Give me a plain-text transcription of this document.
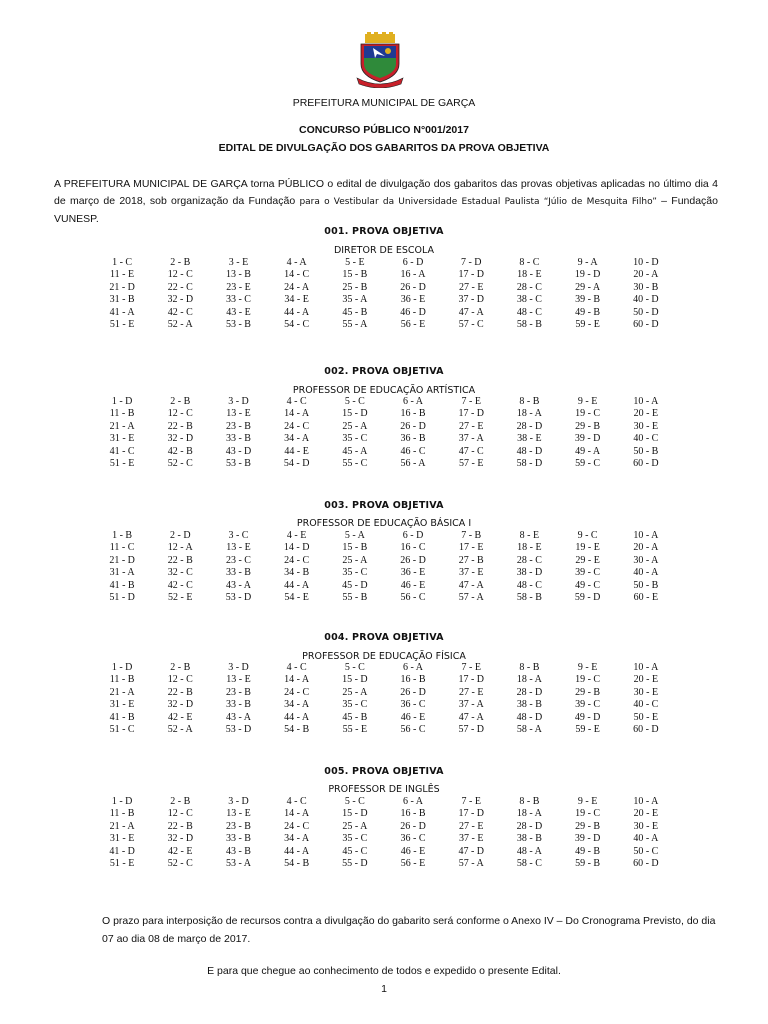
PREFEITURA MUNICIPAL DE GARÇA
CONCURSO PÚBLICO N°001/2017
EDITAL DE DIVULGAÇÃO DOS GABARITOS DA PROVA OBJETIVA
A PREFEITURA MUNICIPAL DE GARÇA torna PÚBLICO o edital de divulgação dos gabaritos das provas objetivas aplicadas no último dia 4 de março de 2018, sob organização da Fundação para o Vestibular da Universidade Estadual Paulista “Júlio de Mesquita Filho” – Fundação VUNESP.
001. PROVA OBJETIVA
DIRETOR DE ESCOLA
1 - C	2 - B	3 - E	4 - A	5 - E	6 - D	7 - D	8 - C	9 - A	10 - D
11 - E	12 - C	13 - B	14 - C	15 - B	16 - A	17 - D	18 - E	19 - D	20 - A
21 - D	22 - C	23 - E	24 - A	25 - B	26 - D	27 - E	28 - C	29 - A	30 - B
31 - B	32 - D	33 - C	34 - E	35 - A	36 - E	37 - D	38 - C	39 - B	40 - D
41 - A	42 - C	43 - E	44 - A	45 - B	46 - D	47 - A	48 - C	49 - B	50 - D
51 - E	52 - A	53 - B	54 - C	55 - A	56 - E	57 - C	58 - B	59 - E	60 - D
002. PROVA OBJETIVA
PROFESSOR DE EDUCAÇÃO ARTÍSTICA
1 - D	2 - B	3 - D	4 - C	5 - C	6 - A	7 - E	8 - B	9 - E	10 - A
11 - B	12 - C	13 - E	14 - A	15 - D	16 - B	17 - D	18 - A	19 - C	20 - E
21 - A	22 - B	23 - B	24 - C	25 - A	26 - D	27 - E	28 - D	29 - B	30 - E
31 - E	32 - D	33 - B	34 - A	35 - C	36 - B	37 - A	38 - E	39 - D	40 - C
41 - C	42 - B	43 - D	44 - E	45 - A	46 - C	47 - C	48 - D	49 - A	50 - B
51 - E	52 - C	53 - B	54 - D	55 - C	56 - A	57 - E	58 - D	59 - C	60 - D
003. PROVA OBJETIVA
PROFESSOR DE EDUCAÇÃO BÁSICA I
1 - B	2 - D	3 - C	4 - E	5 - A	6 - D	7 - B	8 - E	9 - C	10 - A
11 - C	12 - A	13 - E	14 - D	15 - B	16 - C	17 - E	18 - E	19 - E	20 - A
21 - D	22 - B	23 - C	24 - C	25 - A	26 - D	27 - B	28 - C	29 - E	30 - A
31 - A	32 - C	33 - B	34 - B	35 - C	36 - E	37 - E	38 - D	39 - C	40 - A
41 - B	42 - C	43 - A	44 - A	45 - D	46 - E	47 - A	48 - C	49 - C	50 - B
51 - D	52 - E	53 - D	54 - E	55 - B	56 - C	57 - A	58 - B	59 - D	60 - E
004. PROVA OBJETIVA
PROFESSOR DE EDUCAÇÃO FÍSICA
1 - D	2 - B	3 - D	4 - C	5 - C	6 - A	7 - E	8 - B	9 - E	10 - A
11 - B	12 - C	13 - E	14 - A	15 - D	16 - B	17 - D	18 - A	19 - C	20 - E
21 - A	22 - B	23 - B	24 - C	25 - A	26 - D	27 - E	28 - D	29 - B	30 - E
31 - E	32 - D	33 - B	34 - A	35 - C	36 - C	37 - A	38 - B	39 - C	40 - C
41 - B	42 - E	43 - A	44 - A	45 - B	46 - E	47 - A	48 - D	49 - D	50 - E
51 - C	52 - A	53 - D	54 - B	55 - E	56 - C	57 - D	58 - A	59 - E	60 - D
005. PROVA OBJETIVA
PROFESSOR DE INGLÊS
1 - D	2 - B	3 - D	4 - C	5 - C	6 - A	7 - E	8 - B	9 - E	10 - A
11 - B	12 - C	13 - E	14 - A	15 - D	16 - B	17 - D	18 - A	19 - C	20 - E
21 - A	22 - B	23 - B	24 - C	25 - A	26 - D	27 - E	28 - D	29 - B	30 - E
31 - E	32 - D	33 - B	34 - A	35 - C	36 - C	37 - E	38 - B	39 - D	40 - A
41 - D	42 - E	43 - B	44 - A	45 - C	46 - E	47 - D	48 - A	49 - B	50 - C
51 - E	52 - C	53 - A	54 - B	55 - D	56 - E	57 - A	58 - C	59 - B	60 - D
O prazo para interposição de recursos contra a divulgação do gabarito será conforme o Anexo IV – Do Cronograma Previsto, do dia 07 ao dia 08 de março de 2017.
E para que chegue ao conhecimento de todos e expedido o presente Edital.
1
